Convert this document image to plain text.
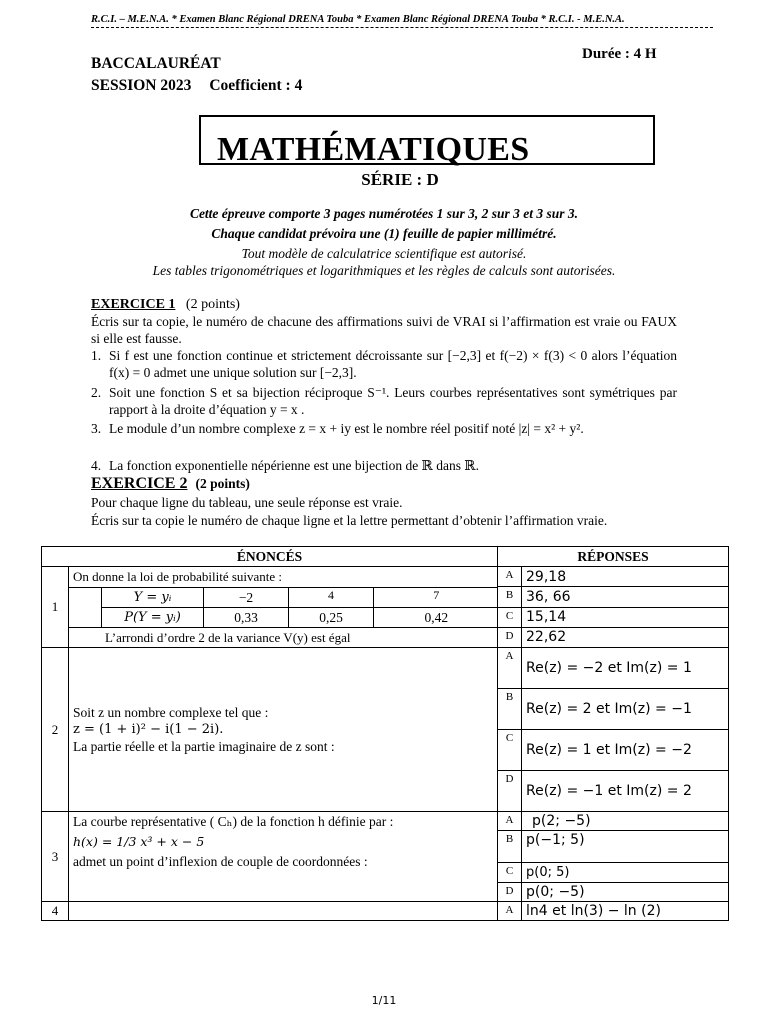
R.C.I. – M.E.N.A. * Examen Blanc Régional DRENA Touba * Examen Blanc Régional DRENA Touba * R.C.I. - M.E.N.A.
Durée : 4 H
BACCALAURÉAT
SESSION 2023 Coefficient : 4
MATHÉMATIQUES
SÉRIE : D
Cette épreuve comporte 3 pages numérotées 1 sur 3, 2 sur 3 et 3 sur 3.
Chaque candidat prévoira une (1) feuille de papier millimétré.
Tout modèle de calculatrice scientifique est autorisé.
Les tables trigonométriques et logarithmiques et les règles de calculs sont autorisées.
EXERCICE 1 (2 points)
Écris sur ta copie, le numéro de chacune des affirmations suivi de VRAI si l’affirmation est vraie ou FAUX si elle est fausse.
1. Si f est une fonction continue et strictement décroissante sur [−2,3] et f(−2) × f(3) < 0 alors l’équation f(x) = 0 admet une unique solution sur [−2,3].
2. Soit une fonction S et sa bijection réciproque S⁻¹. Leurs courbes représentatives sont symétriques par rapport à la droite d’équation y = x .
3. Le module d’un nombre complexe z = x + iy est le nombre réel positif noté |z| = x² + y².
4. La fonction exponentielle népérienne est une bijection de ℝ dans ℝ.
EXERCICE 2 (2 points)
Pour chaque ligne du tableau, une seule réponse est vraie.
Écris sur ta copie le numéro de chaque ligne et la lettre permettant d’obtenir l’affirmation vraie.
ÉNONCÉS	RÉPONSES
1	
On donne la loi de probabilité suivante :
Y = yᵢ	−2	4	7
P(Y = yᵢ)	0,33	0,25	0,42
L’arrondi d’ordre 2 de la variance V(y) est égal
	A	29,18
B	36, 66
C	15,14
D	22,62
2	
Soit z un nombre complexe tel que :
z = (1 + i)² − i(1 − 2i).
La partie réelle et la partie imaginaire de z sont :
	A	Re(z) = −2 et Im(z) = 1
B	Re(z) = 2 et Im(z) = −1
C	Re(z) = 1 et Im(z) = −2
D	Re(z) = −1 et Im(z) = 2
3	
La courbe représentative ( Cₕ) de la fonction h définie par :
h(x) = 1/3 x³ + x − 5
admet un point d’inflexion de couple de coordonnées :
	A	p(2; −5)
B	p(−1; 5)
C	p(0; 5)
D	p(0; −5)
4		A	ln4 et ln(3) − ln (2)
1/11
